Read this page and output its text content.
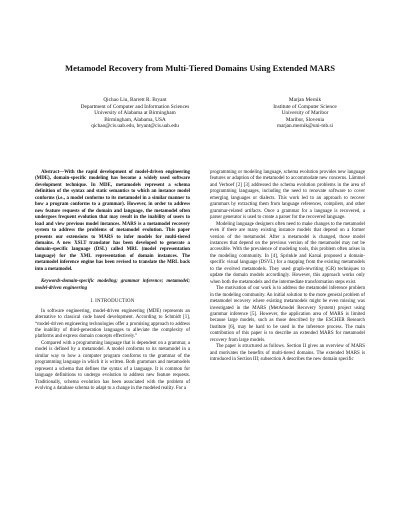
Metamodel Recovery from Multi-Tiered Domains Using Extended MARS
Qichao Liu, Barrett R. Bryant
Department of Computer and Information Sciences
University of Alabama at Birmingham
Birmingham, Alabama, USA
qichao@cis.uab.edu, bryant@cis.uab.edu
Marjan Mernik
Institute of Computer Science
University of Maribor
Maribor, Slovenia
marjan.mernik@uni-mb.si

Abstract—With the rapid development of model-driven engineering (MDE), domain-specific modeling has become a widely used software development technique. In MDE, metamodels represent a schema definition of the syntax and static semantics to which an instance model conforms (i.e., a model conforms to its metamodel in a similar manner to how a program conforms to a grammar). However, in order to address new feature requests of the domain and language, the metamodel often undergoes frequent evolution that may result in the inability of users to load and view previous model instances. MARS is a metamodel recovery system to address the problems of metamodel evolution. This paper presents our extensions to MARS to infer models for multi-tiered domains. A new XSLT translator has been developed to generate a domain-specific language (DSL) called MRL (model representation language) for the XML representation of domain instances. The metamodel inference engine has been revised to translate the MRL back into a metamodel.

Keywords-domain-specific modeling; grammar inference; metamodel; model-driven engineering

I. INTRODUCTION

In software engineering, model-driven engineering (MDE) represents an alternative to classical code based development. According to Schmidt [1], “model-driven engineering technologies offer a promising approach to address the inability of third-generation languages to alleviate the complexity of platforms and express domain concepts effectively.”

Compared with a programming language that is dependent on a grammar, a model is defined by a metamodel. A model conforms to its metamodel in a similar way to how a computer program conforms to the grammar of the programming language in which it is written. Both grammars and metamodels represent a schema that defines the syntax of a language. It is common for language definitions to undergo evolution to address new feature requests. Traditionally, schema evolution has been associated with the problem of evolving a database schema to adapt to a change in the modeled reality. For a

programming or modeling language, schema evolution provides new language features or adaption of the metamodel to accommodate new concerns. Lämmel and Verhoef [2] [3] addressed the schema evolution problems in the area of programming languages, including the need to renovate software to cover emerging languages or dialects. This work led to an approach to recover grammars by extracting them from language references, compilers, and other grammar-related artifacts. Once a grammar for a language is recovered, a parser generator is used to create a parser for the recovered language.

Modeling language designers often need to make changes to the metamodel even if there are many existing instance models that depend on a former version of the metamodel. After a metamodel is changed, those model instances that depend on the previous version of the metamodel may not be accessible. With the prevalence of modeling tools, this problem often arises in the modeling community. In [4], Sprinkle and Karsai proposed a domain-specific visual language (DSVL) for a mapping from the existing metamodels to the evolved metamodels. They used graph-rewriting (GR) techniques to update the domain models accordingly. However, this approach works only when both the metamodels and the intermediate transformation steps exist.

The motivation of our work is to address the metamodel inference problem in the modeling community. An initial solution to the more general problem of metamodel recovery where existing metamodels might be even missing was investigated in the MARS (MetAmodel Recovery System) project using grammar inference [5]. However, the application area of MARS is limited because large models, such as those described by the ESCHER Research Institute [6], may be hard to be used in the inference process. The main contribution of this paper is to describe an extended MARS for metamodel recovery from large models.

The paper is structured as follows. Section II gives an overview of MARS and motivates the benefits of multi-tiered domains. The extended MARS is introduced in Section III; subsection A describes the new domain specific
